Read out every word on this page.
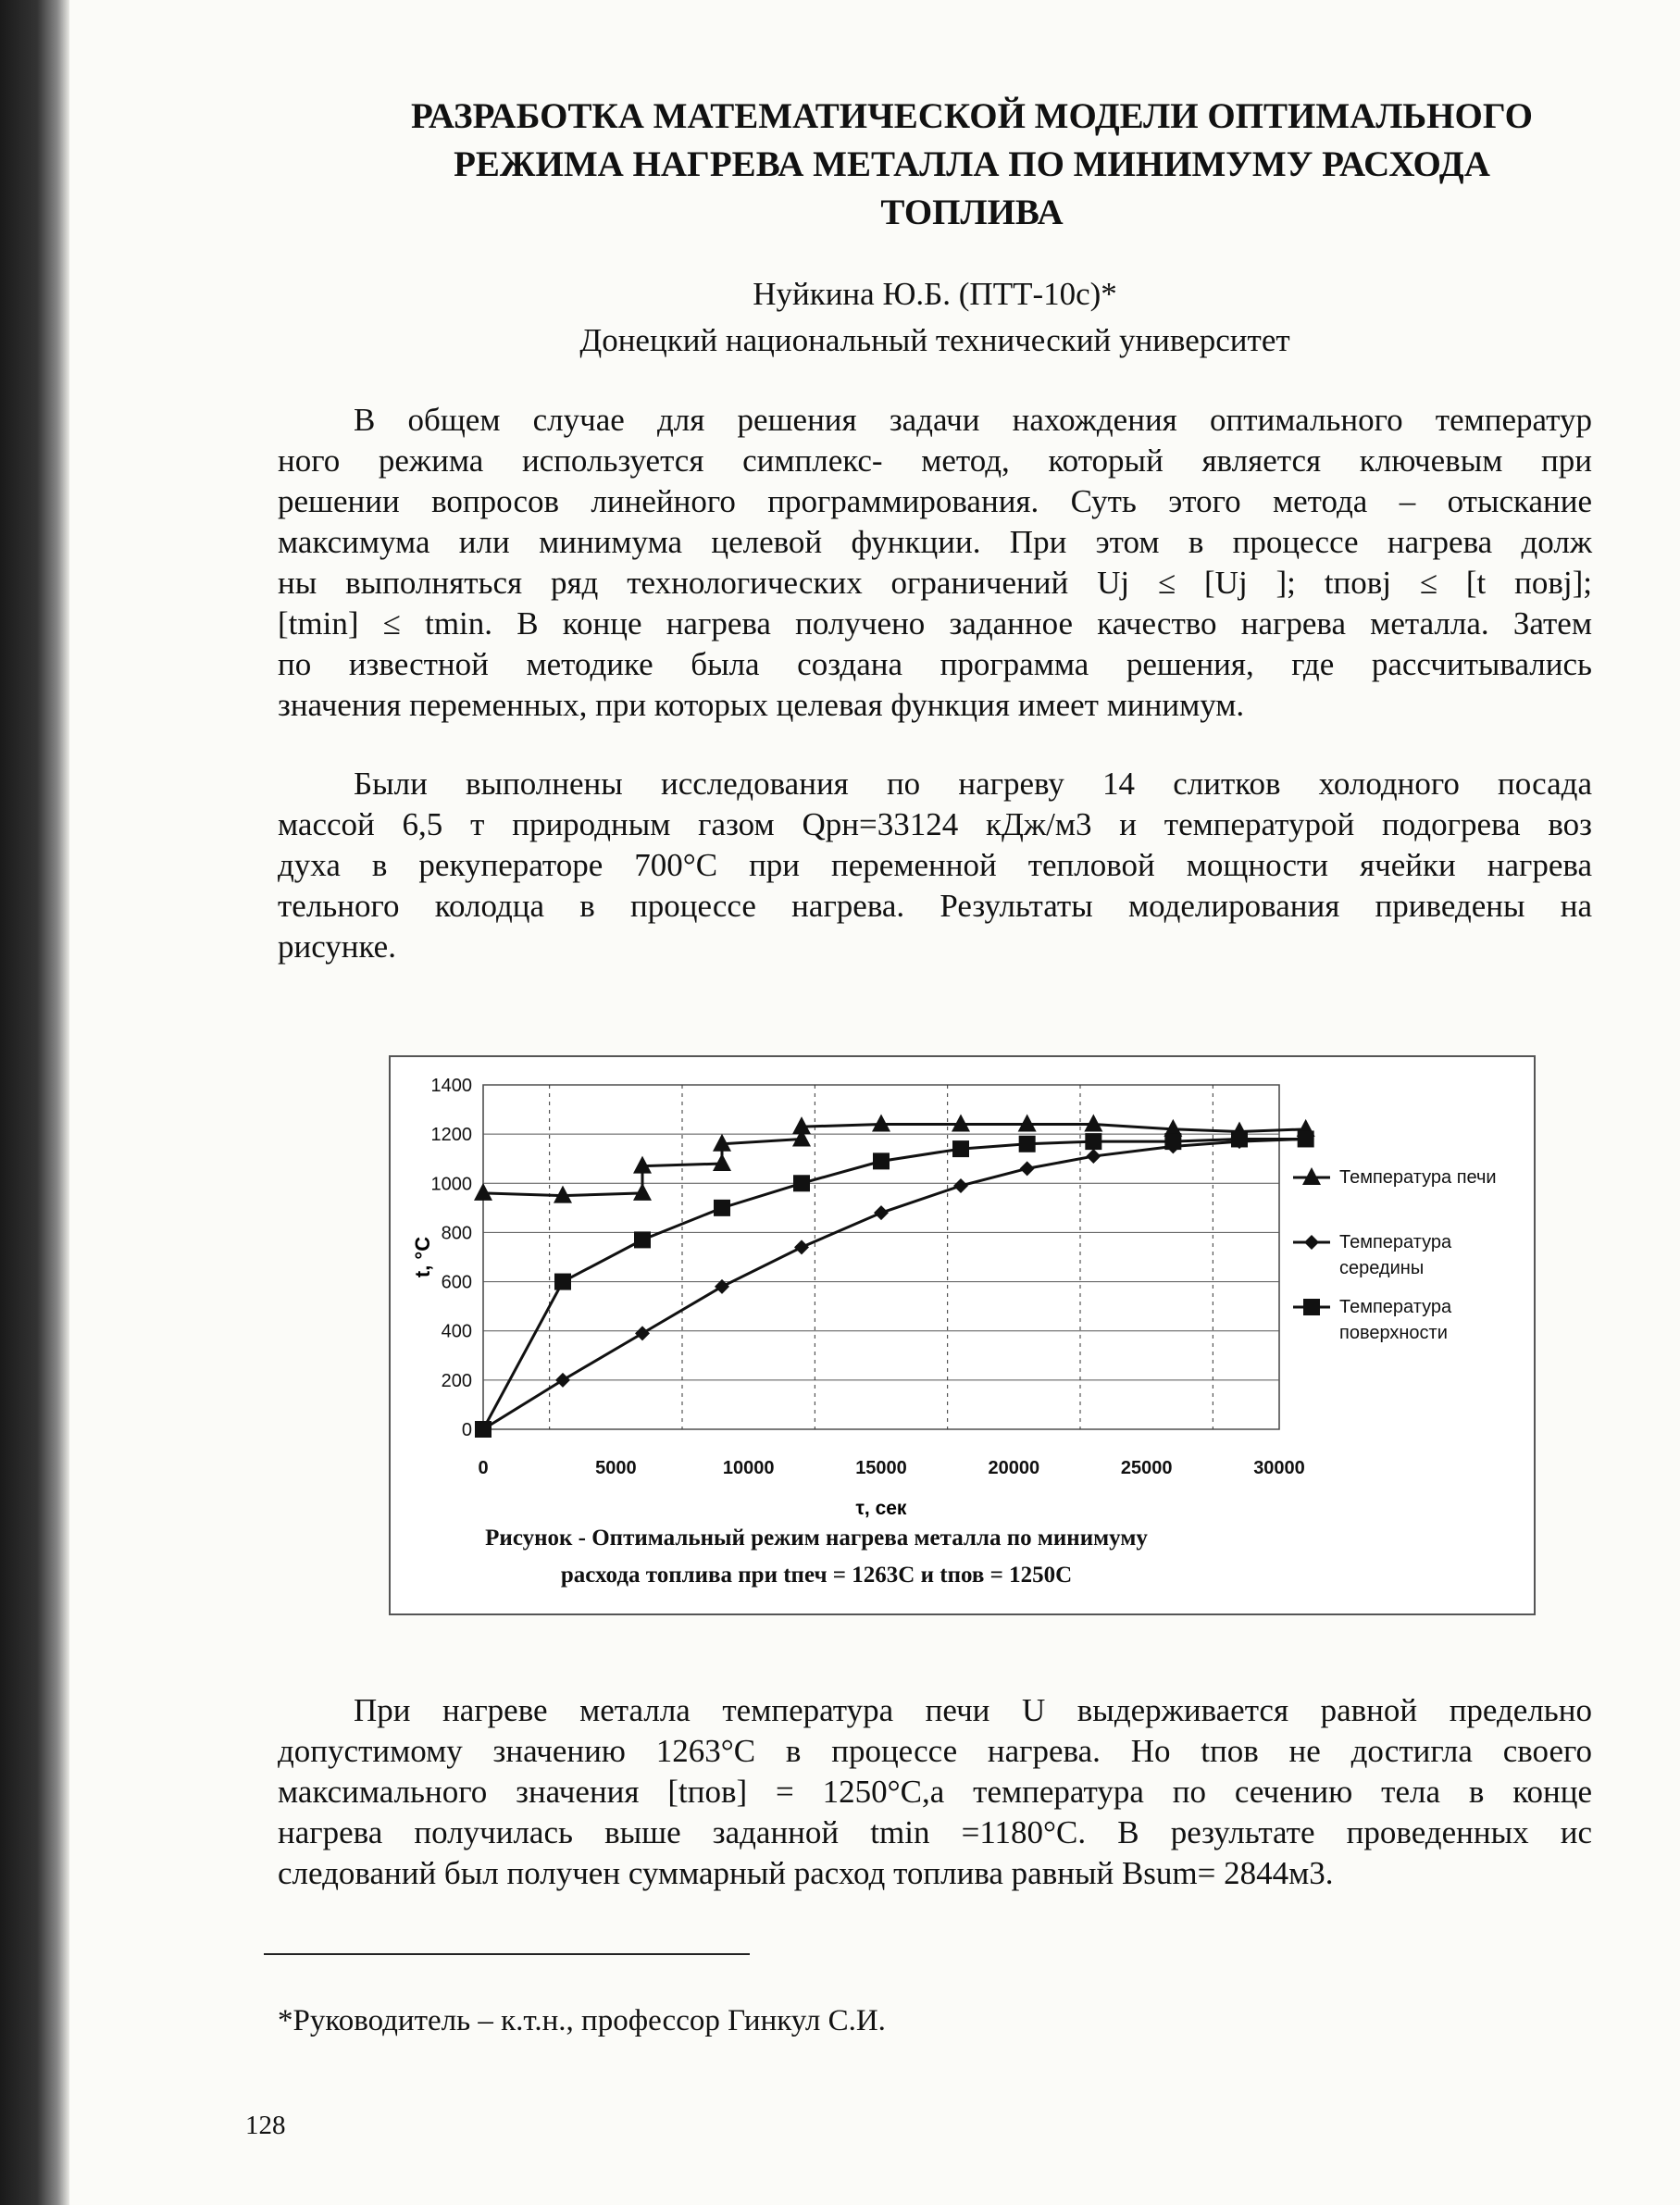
РАЗРАБОТКА МАТЕМАТИЧЕСКОЙ МОДЕЛИ ОПТИМАЛЬНОГО
РЕЖИМА НАГРЕВА МЕТАЛЛА ПО МИНИМУМУ РАСХОДА
ТОПЛИВА
Нуйкина Ю.Б. (ПТТ-10с)*
Донецкий национальный технический университет
В общем случае для решения задачи нахождения оптимального температур
ного режима используется симплекс- метод, который является ключевым при
решении вопросов линейного программирования. Суть этого метода – отыскание
максимума или минимума целевой функции. При этом в процессе нагрева долж
ны выполняться ряд технологических ограничений Uj ≤ [Uj ]; tповj ≤ [t повj];
[tmin] ≤ tmin. В конце нагрева получено заданное качество нагрева металла. Затем
по известной методике была создана программа решения, где рассчитывались
значения переменных, при которых целевая функция имеет минимум.
Были выполнены исследования по нагреву 14 слитков холодного посада
массой 6,5 т природным газом Qрн=33124 кДж/м3 и температурой подогрева воз
духа в рекуператоре 700°С при переменной тепловой мощности ячейки нагрева
тельного колодца в процессе нагрева. Результаты моделирования приведены на
рисунке.
0
200
400
600
800
1000
1200
1400
0	5000	10000	15000	20000	25000	30000
τ, сек
t, °С
Температура печи
Температура середины
Температура поверхности
Рисунок - Оптимальный режим нагрева металла по минимуму
расхода топлива при tпеч = 1263С и tпов = 1250С
При нагреве металла температура печи U выдерживается равной предельно
допустимому значению 1263°С в процессе нагрева. Но tпов не достигла своего
максимального значения [tпов] = 1250°С,а температура по сечению тела в конце
нагрева получилась выше заданной tmin =1180°С. В результате проведенных ис
следований был получен суммарный расход топлива равный Bsum= 2844м3.
*Руководитель – к.т.н., профессор Гинкул С.И.
128
